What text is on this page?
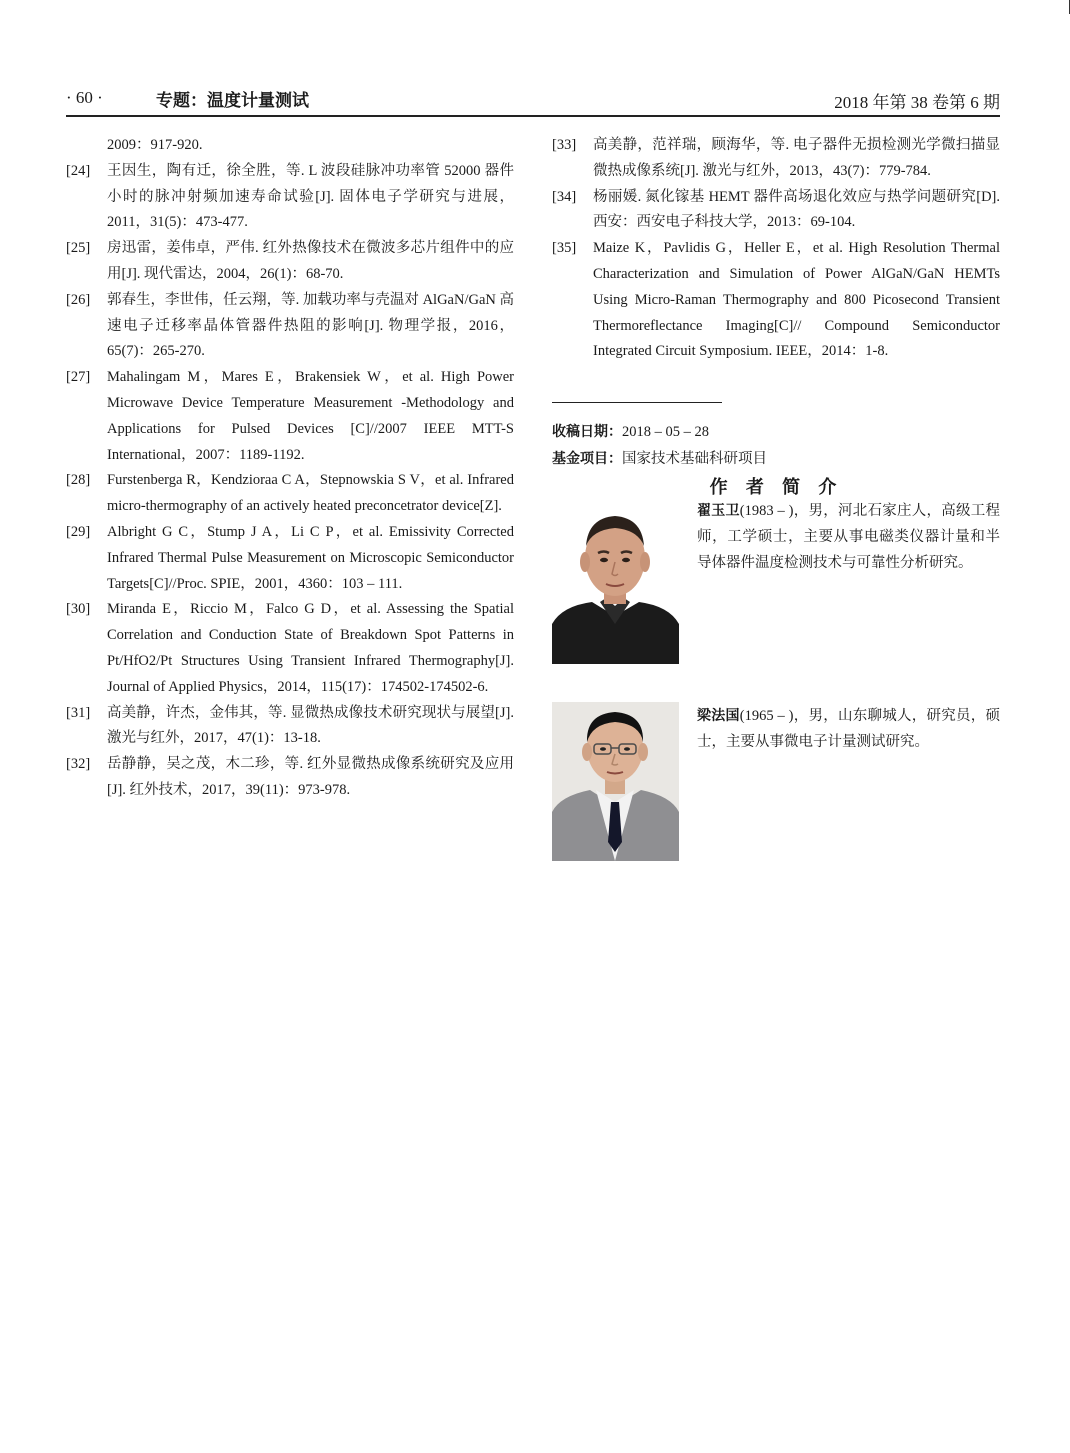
· 60 ·	专题：温度计量测试	2018 年第 38 卷第 6 期
2009：917-920.
[24] 王因生，陶有迁，徐全胜，等. L 波段硅脉冲功率管 52000 器件小时的脉冲射频加速寿命试验[J]. 固体电子学研究与进展，2011，31(5)：473-477.
[25] 房迅雷，姜伟卓，严伟. 红外热像技术在微波多芯片组件中的应用[J]. 现代雷达，2004，26(1)：68-70.
[26] 郭春生，李世伟，任云翔，等. 加载功率与壳温对 AlGaN/GaN 高速电子迁移率晶体管器件热阻的影响[J]. 物理学报，2016，65(7)：265-270.
[27] Mahalingam M，Mares E，Brakensiek W，et al. High Power Microwave Device Temperature Measurement -Methodology and Applications for Pulsed Devices [C]//2007 IEEE MTT-S International，2007：1189-1192.
[28] Furstenberga R，Kendzioraa C A，Stepnowskia S V，et al. Infrared micro-thermography of an actively heated preconcetrator device[Z].
[29] Albright G C，Stump J A，Li C P，et al. Emissivity Corrected Infrared Thermal Pulse Measurement on Microscopic Semiconductor Targets[C]//Proc. SPIE，2001，4360：103 – 111.
[30] Miranda E，Riccio M，Falco G D，et al. Assessing the Spatial Correlation and Conduction State of Breakdown Spot Patterns in Pt/HfO2/Pt Structures Using Transient Infrared Thermography[J]. Journal of Applied Physics，2014，115(17)：174502-174502-6.
[31] 高美静，许杰，金伟其，等. 显微热成像技术研究现状与展望[J]. 激光与红外，2017，47(1)：13-18.
[32] 岳静静，吴之茂，木二珍，等. 红外显微热成像系统研究及应用[J]. 红外技术，2017，39(11)：973-978.
[33] 高美静，范祥瑞，顾海华，等. 电子器件无损检测光学微扫描显微热成像系统[J]. 激光与红外，2013，43(7)：779-784.
[34] 杨丽媛. 氮化镓基 HEMT 器件高场退化效应与热学问题研究[D]. 西安：西安电子科技大学，2013：69-104.
[35] Maize K，Pavlidis G，Heller E，et al. High Resolution Thermal Characterization and Simulation of Power AlGaN/GaN HEMTs Using Micro-Raman Thermography and 800 Picosecond Transient Thermoreflectance Imaging[C]// Compound Semiconductor Integrated Circuit Symposium. IEEE，2014：1-8.
收稿日期：2018 – 05 – 28
基金项目：国家技术基础科研项目
作 者 简 介
翟玉卫(1983 – )，男，河北石家庄人，高级工程师，工学硕士，主要从事电磁类仪器计量和半导体器件温度检测技术与可靠性分析研究。
梁法国(1965 – )，男，山东聊城人，研究员，硕士，主要从事微电子计量测试研究。
